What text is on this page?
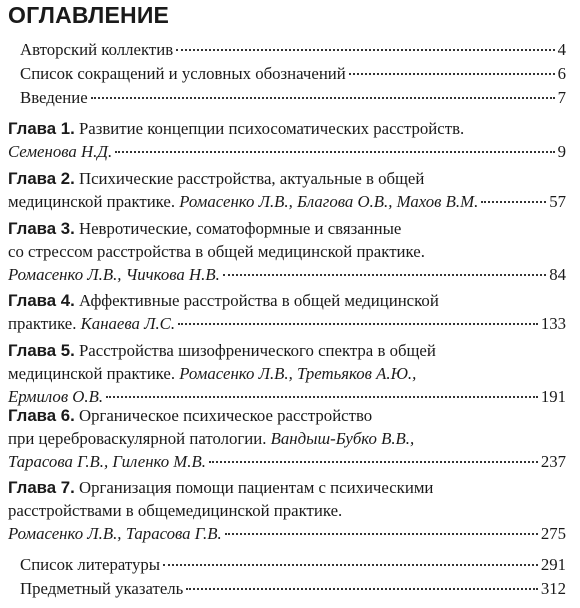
ОГЛАВЛЕНИЕ
Авторский коллектив	4
Список сокращений и условных обозначений	6
Введение	7
Глава 1. Развитие концепции психосоматических расстройств.
Семенова Н.Д.	9
Глава 2. Психические расстройства, актуальные в общей
медицинской практике. Ромасенко Л.В., Благова О.В., Махов В.М.	57
Глава 3. Невротические, соматоформные и связанные
со стрессом расстройства в общей медицинской практике.
Ромасенко Л.В., Чичкова Н.В.	84
Глава 4. Аффективные расстройства в общей медицинской
практике. Канаева Л.С.	133
Глава 5. Расстройства шизофренического спектра в общей
медицинской практике. Ромасенко Л.В., Третьяков А.Ю.,
Ермилов О.В.	191
Глава 6. Органическое психическое расстройство
при цереброваскулярной патологии. Вандыш-Бубко В.В.,
Тарасова Г.В., Гиленко М.В.	237
Глава 7. Организация помощи пациентам с психическими
расстройствами в общемедицинской практике.
Ромасенко Л.В., Тарасова Г.В.	275
Список литературы	291
Предметный указатель	312
